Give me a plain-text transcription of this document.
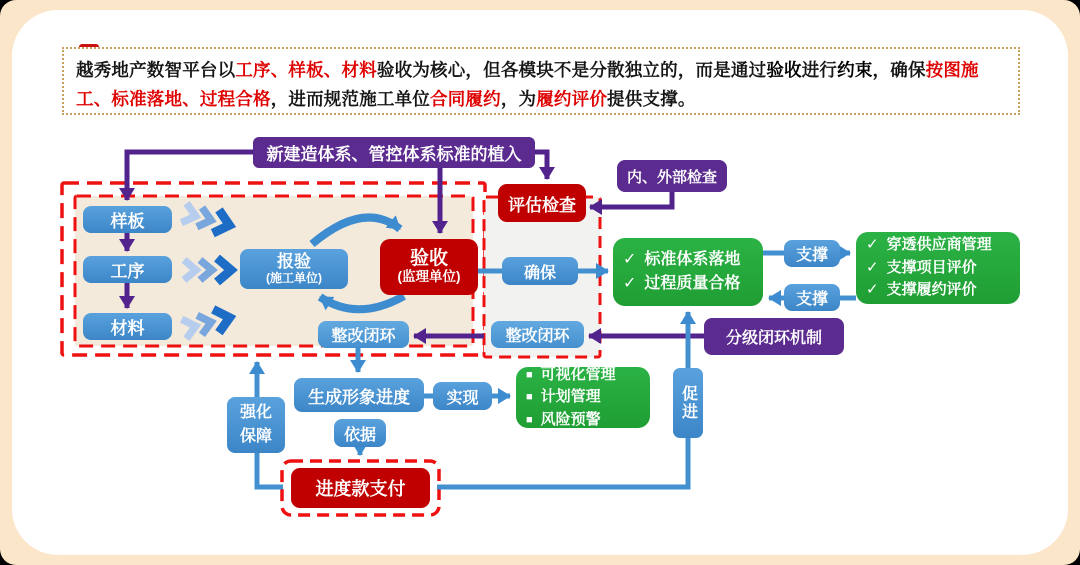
越秀地产数智平台以工序、样板、材料验收为核心，但各模块不是分散独立的，而是通过验收进行约束，确保按图施工、标准落地、过程合格，进而规范施工单位合同履约，为履约评价提供支撑。
新建造体系、管控体系标准的植入
内、外部检查
评估检查
样板
工序
材料
报验
(施工单位)
验收
(监理单位)
整改闭环
确保
整改闭环
✓ 标准体系落地
✓ 过程质量合格
✓ 穿透供应商管理
✓ 支撑项目评价
✓ 支撑履约评价
支撑
支撑
分级闭环机制
生成形象进度	实现
■ 可视化管理
■ 计划管理
■ 风险预警
依据
促进
强化
保障
进度款支付
